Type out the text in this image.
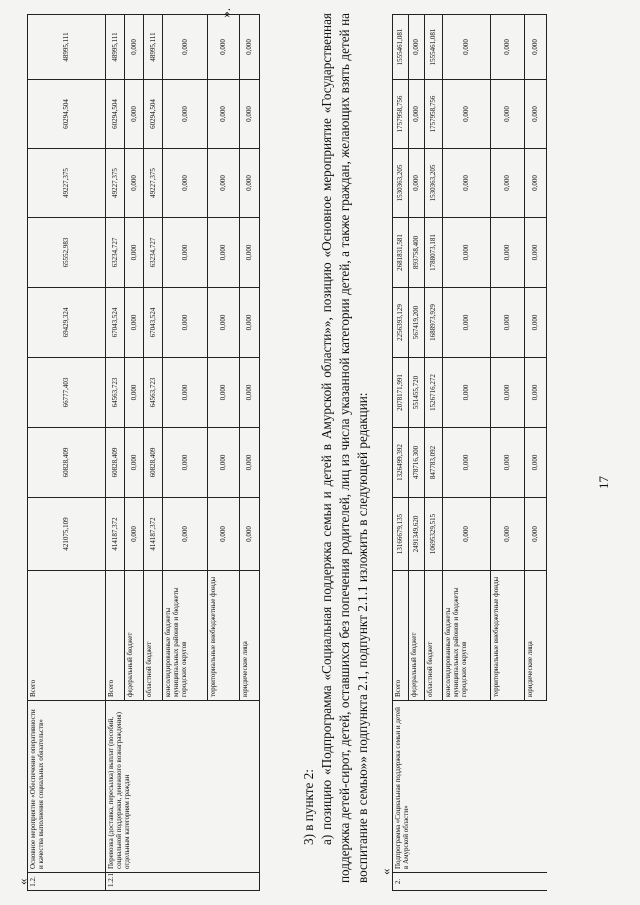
«
17
1.2.	Основное мероприятие «Обеспечение оперативности и качества выполнения социальных обязательств»	Всего	421075,109	60828,409	66777,403	69429,324	65552,983	49227,375	60294,504	48995,111
1.2.1	Перевозка (доставка, пересылка) выплат (пособий, социальной поддержки, денежного вознаграждения) отдельным категориям граждан	Всего	414187,372	60828,409	64563,723	67043,524	63234,727	49227,375	60294,504	48995,111
		федеральный бюджет	0,000	0,000	0,000	0,000	0,000	0,000	0,000	0,000
		областной бюджет	414187,372	60828,409	64563,723	67043,524	63234,727	49227,375	60294,504	48995,111
		консолидированные бюджеты муниципальных районов и бюджеты городских округов	0,000	0,000	0,000	0,000	0,000	0,000	0,000	0,000
		территориальные внебюджетные фонды	0,000	0,000	0,000	0,000	0,000	0,000	0,000	0,000
		юридические лица	0,000	0,000	0,000	0,000	0,000	0,000	0,000	0,000
».

3) в пункте 2: а) позицию «Подпрограмма «Социальная поддержка семьи и детей в Амурской области»», позицию «Основное мероприятие «Государственная поддержка детей-сирот, детей, оставшихся без попечения родителей, лиц из числа указанной категории детей, а также граждан, желающих взять детей на воспитание в семью»» подпункта 2.1, подпункт 2.1.1 изложить в следующей редакции: «
2.	Подпрограмма «Социальная поддержка семьи и детей в Амурской области»	Всего	13166679,135	1326499,392	2078171,991	2256393,129	2681831,581	1530363,205	1757958,756	1555461,081
		федеральный бюджет	2491349,620	478716,300	551455,720	567419,200	893758,400	0,000	0,000	0,000
		областной бюджет	10695329,515	847783,092	1526716,272	1688973,929	1788073,181	1530363,205	1757958,756	1555461,081
		консолидированные бюджеты муниципальных районов и бюджеты городских округов	0,000	0,000	0,000	0,000	0,000	0,000	0,000	0,000
		территориальные внебюджетные фонды	0,000	0,000	0,000	0,000	0,000	0,000	0,000	0,000
		юридические лица	0,000	0,000	0,000	0,000	0,000	0,000	0,000	0,000
